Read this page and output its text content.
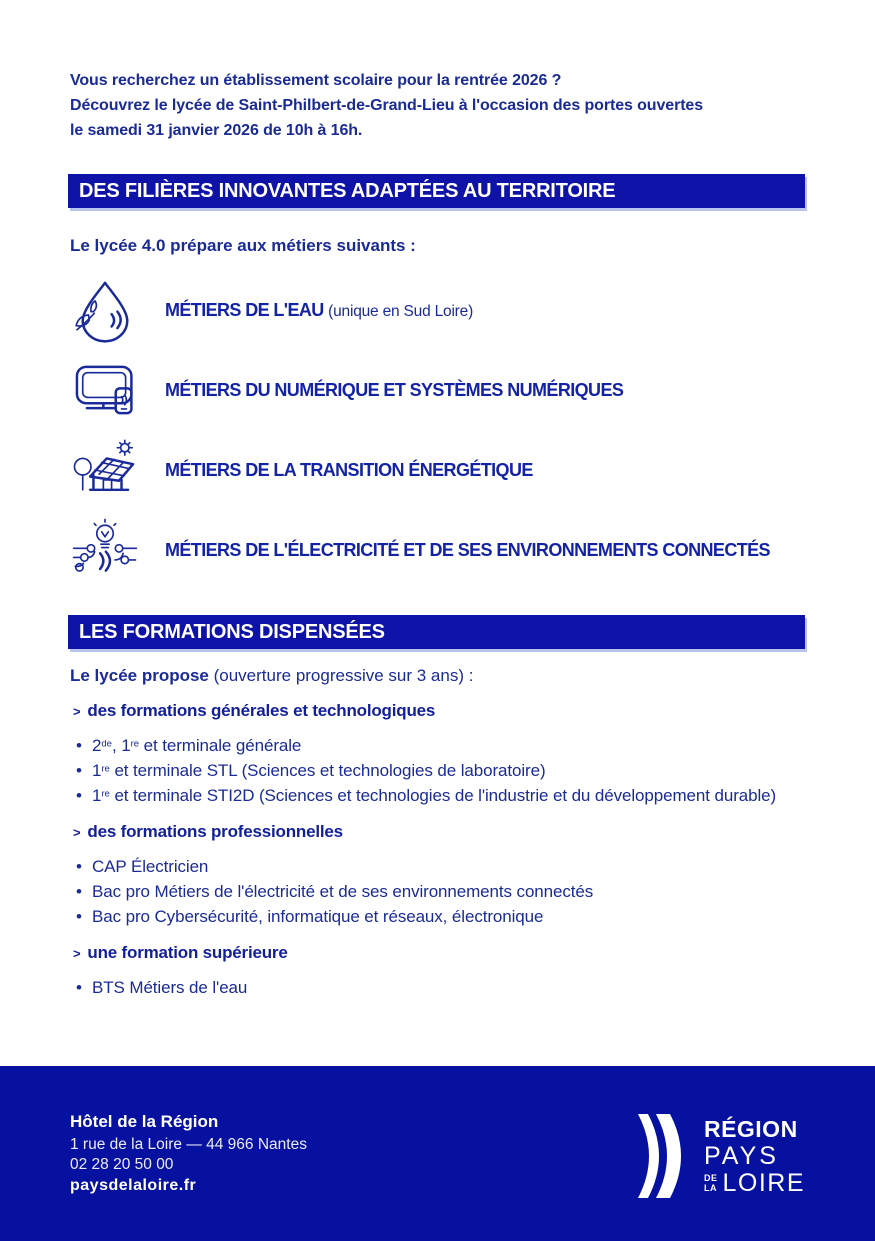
Vous recherchez un établissement scolaire pour la rentrée 2026 ?
Découvrez le lycée de Saint-Philbert-de-Grand-Lieu à l'occasion des portes ouvertes
le samedi 31 janvier 2026 de 10h à 16h.
DES FILIÈRES INNOVANTES ADAPTÉES AU TERRITOIRE
Le lycée 4.0 prépare aux métiers suivants :
MÉTIERS DE L'EAU (unique en Sud Loire)
MÉTIERS DU NUMÉRIQUE ET SYSTÈMES NUMÉRIQUES
MÉTIERS DE LA TRANSITION ÉNERGÉTIQUE
MÉTIERS DE L'ÉLECTRICITÉ ET DE SES ENVIRONNEMENTS CONNECTÉS
LES FORMATIONS DISPENSÉES
Le lycée propose (ouverture progressive sur 3 ans) :
> des formations générales et technologiques
• 2de, 1re et terminale générale
• 1re et terminale STL (Sciences et technologies de laboratoire)
• 1re et terminale STI2D (Sciences et technologies de l'industrie et du développement durable)
> des formations professionnelles
• CAP Électricien
• Bac pro Métiers de l'électricité et de ses environnements connectés
• Bac pro Cybersécurité, informatique et réseaux, électronique
> une formation supérieure
• BTS Métiers de l'eau
Hôtel de la Région
1 rue de la Loire — 44 966 Nantes
02 28 20 50 00
paysdelaloire.fr
RÉGION
PAYS
DE
LA LOIRE
